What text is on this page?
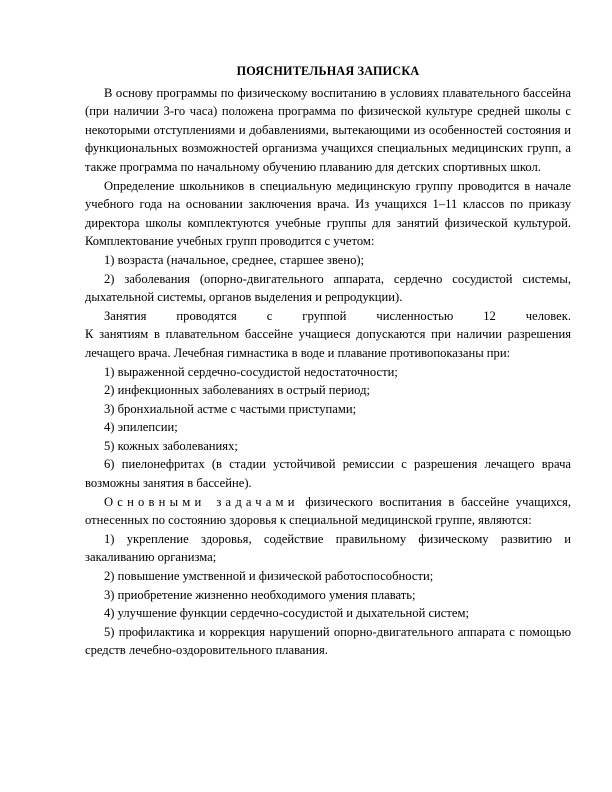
ПОЯСНИТЕЛЬНАЯ ЗАПИСКА

В основу программы по физическому воспитанию в условиях плавательного бассейна (при наличии 3-го часа) положена программа по физической культуре средней школы с некоторыми отступлениями и добавлениями, вытекающими из особенностей состояния и функциональных возможностей организма учащихся специальных медицинских групп, а также программа по начальному обучению плаванию для детских спортивных школ.

Определение школьников в специальную медицинскую группу проводится в начале учебного года на основании заключения врача. Из учащихся 1–11 классов по приказу директора школы комплектуются учебные группы для занятий физической культурой. Комплектование учебных групп проводится с учетом:

1) возраста (начальное, среднее, старшее звено);

2) заболевания (опорно-двигательного аппарата, сердечно сосудистой системы, дыхательной системы, органов выделения и репродукции).

Занятия проводятся с группой численностью 12 человек.

К занятиям в плавательном бассейне учащиеся допускаются при наличии разрешения лечащего врача. Лечебная гимнастика в воде и плавание противопоказаны при:

1) выраженной сердечно-сосудистой недостаточности;

2) инфекционных заболеваниях в острый период;

3) бронхиальной астме с частыми приступами;

4) эпилепсии;

5) кожных заболеваниях;

6) пиелонефритах (в стадии устойчивой ремиссии с разрешения лечащего врача возможны занятия в бассейне).

Основными задачами физического воспитания в бассейне учащихся, отнесенных по состоянию здоровья к специальной медицинской группе, являются:

1) укрепление здоровья, содействие правильному физическому развитию и закаливанию организма;

2) повышение умственной и физической работоспособности;

3) приобретение жизненно необходимого умения плавать;

4) улучшение функции сердечно-сосудистой и дыхательной систем;

5) профилактика и коррекция нарушений опорно-двигательного аппарата с помощью средств лечебно-оздоровительного плавания.
